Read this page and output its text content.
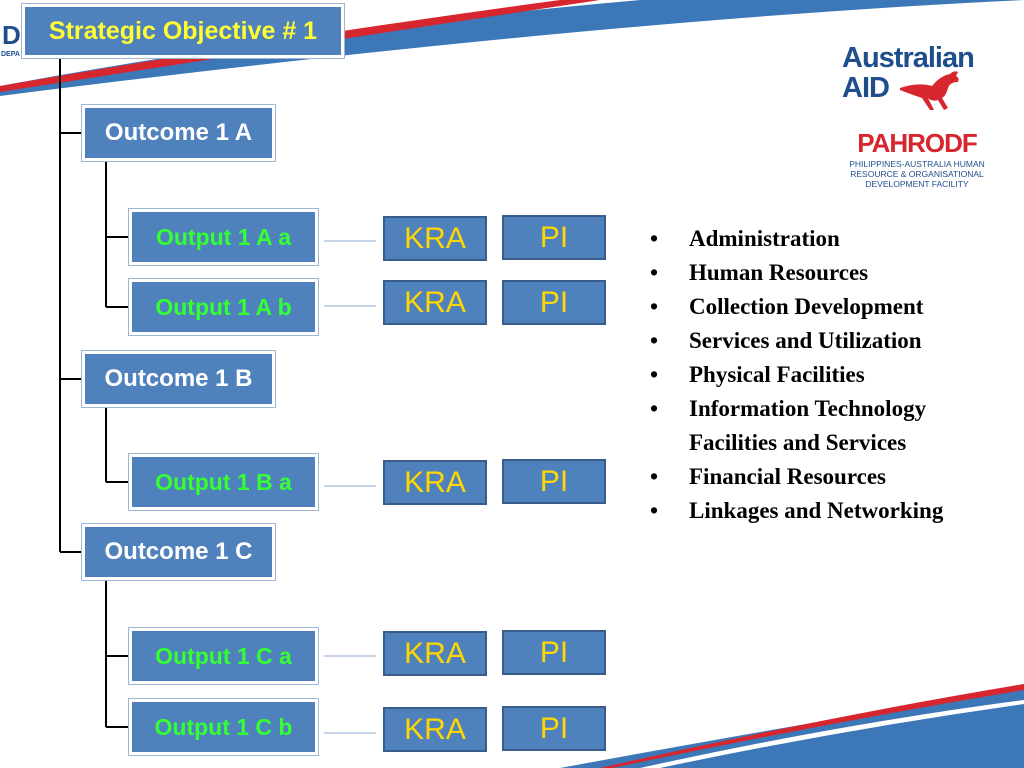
D
DEPA
Strategic Objective # 1
Outcome 1 A
Outcome 1 B
Outcome 1 C
Output 1 A a
Output 1 A b
Output 1 B a
Output 1 C a
Output 1 C b
KRA
KRA
KRA
KRA
KRA
PI
PI
PI
PI
PI
• Administration
• Human Resources
• Collection Development
• Services and Utilization
• Physical Facilities
• Information Technology Facilities and Services
• Financial Resources
• Linkages and Networking
Australian
AID
PAHRODF
PHILIPPINES-AUSTRALIA HUMAN RESOURCE & ORGANISATIONAL DEVELOPMENT FACILITY
